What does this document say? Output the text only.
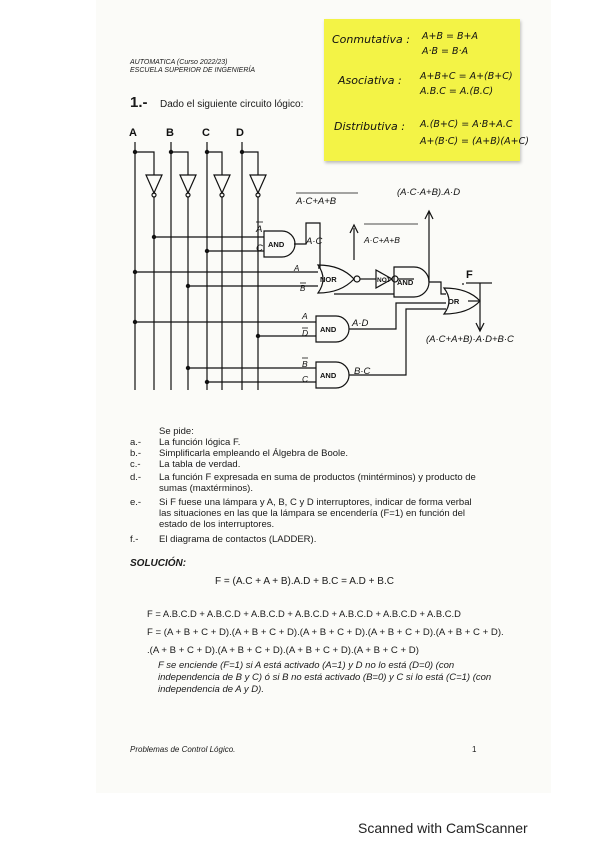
AUTOMATICA (Curso 2022/23)
ESCUELA SUPERIOR DE INGENIERÍA
1.- Dado el siguiente circuito lógico:
Conmutativa : A+B = B+A
A·B = B·A
Asociativa : A+B+C = A+(B+C)
A.B.C = A.(B.C)
Distributiva : A.(B+C) = A·B+A.C
A+(B·C) = (A+B)(A+C)
A	B	C D
AND
NOR	NOT AND
OR
AND
AND
A
C
A·C
A
B
A·C+A+B
A·C+A+B
(A·C·A+B).A·D
A
D
A·D
B
C
B·C
(A·C+A+B)·A·D+B·C
F
Se pide:
a.- La función lógica F.
b.- Simplificarla empleando el Álgebra de Boole.
c.- La tabla de verdad.
d.- La función F expresada en suma de productos (mintérminos) y producto de sumas (maxtérminos).
e.- Si F fuese una lámpara y A, B, C y D interruptores, indicar de forma verbal las situaciones en las que la lámpara se encendería (F=1) en función del estado de los interruptores.
f.- El diagrama de contactos (LADDER).
SOLUCIÓN:
F = (A.C + A + B).A.D + B.C = A.D + B.C
F = A.B.C.D + A.B.C.D + A.B.C.D + A.B.C.D + A.B.C.D + A.B.C.D + A.B.C.D
F = (A + B + C + D).(A + B + C + D).(A + B + C + D).(A + B + C + D).(A + B + C + D).
.(A + B + C + D).(A + B + C + D).(A + B + C + D).(A + B + C + D)
F se enciende (F=1) si A está activado (A=1) y D no lo está (D=0) (con independencia de B y C) ó si B no está activado (B=0) y C si lo está (C=1) (con independencia de A y D).
Problemas de Control Lógico.	1
Scanned with CamScanner
